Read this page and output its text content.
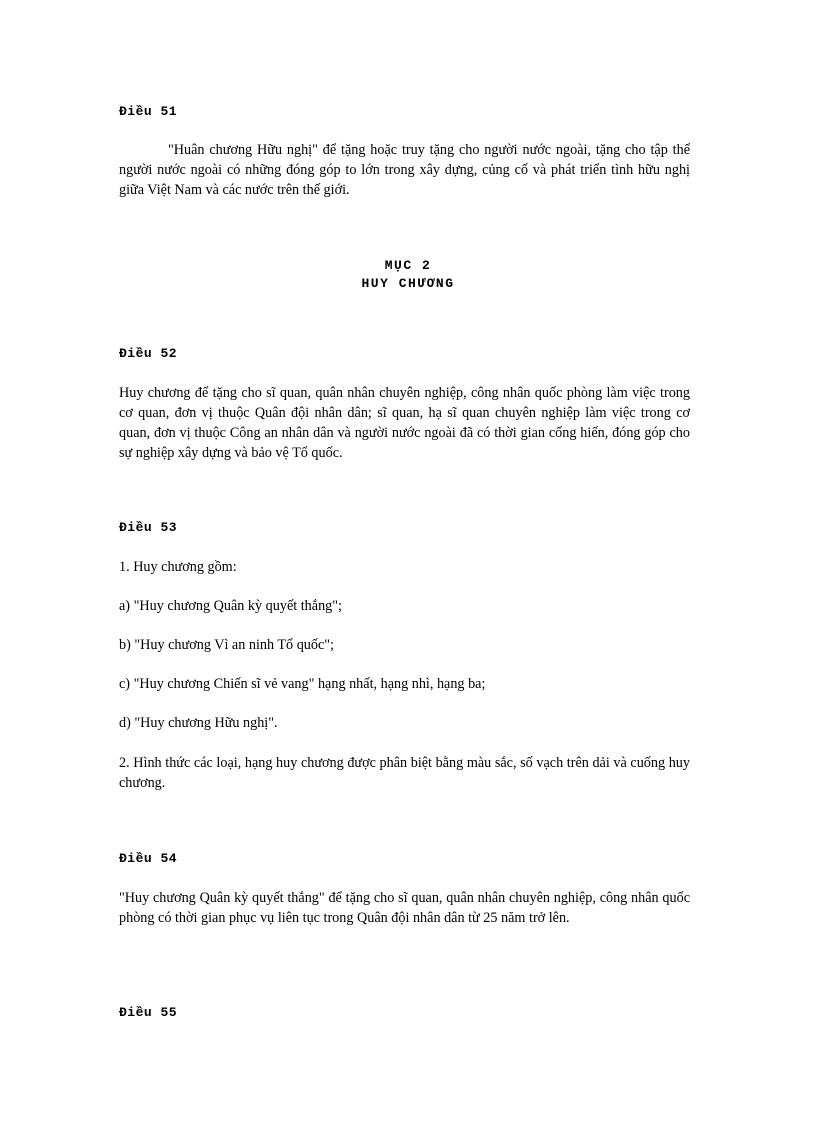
Điều 51

"Huân chương Hữu nghị" để tặng hoặc truy tặng cho người nước ngoài, tặng cho tập thể người nước ngoài có những đóng góp to lớn trong xây dựng, củng cố và phát triển tình hữu nghị giữa Việt Nam và các nước trên thế giới.

MỤC 2
HUY CHƯƠNG
Điều 52

Huy chương để tặng cho sĩ quan, quân nhân chuyên nghiệp, công nhân quốc phòng làm việc trong cơ quan, đơn vị thuộc Quân đội nhân dân; sĩ quan, hạ sĩ quan chuyên nghiệp làm việc trong cơ quan, đơn vị thuộc Công an nhân dân và người nước ngoài đã có thời gian cống hiến, đóng góp cho sự nghiệp xây dựng và bảo vệ Tổ quốc.

Điều 53
1. Huy chương gồm:
a) "Huy chương Quân kỳ quyết thắng";
b) "Huy chương Vì an ninh Tổ quốc";
c) "Huy chương Chiến sĩ vẻ vang" hạng nhất, hạng nhì, hạng ba;
d) "Huy chương Hữu nghị".

2. Hình thức các loại, hạng huy chương được phân biệt bằng màu sắc, số vạch trên dải và cuống huy chương.

Điều 54

"Huy chương Quân kỳ quyết thắng" để tặng cho sĩ quan, quân nhân chuyên nghiệp, công nhân quốc phòng có thời gian phục vụ liên tục trong Quân đội nhân dân từ 25 năm trở lên.

Điều 55
